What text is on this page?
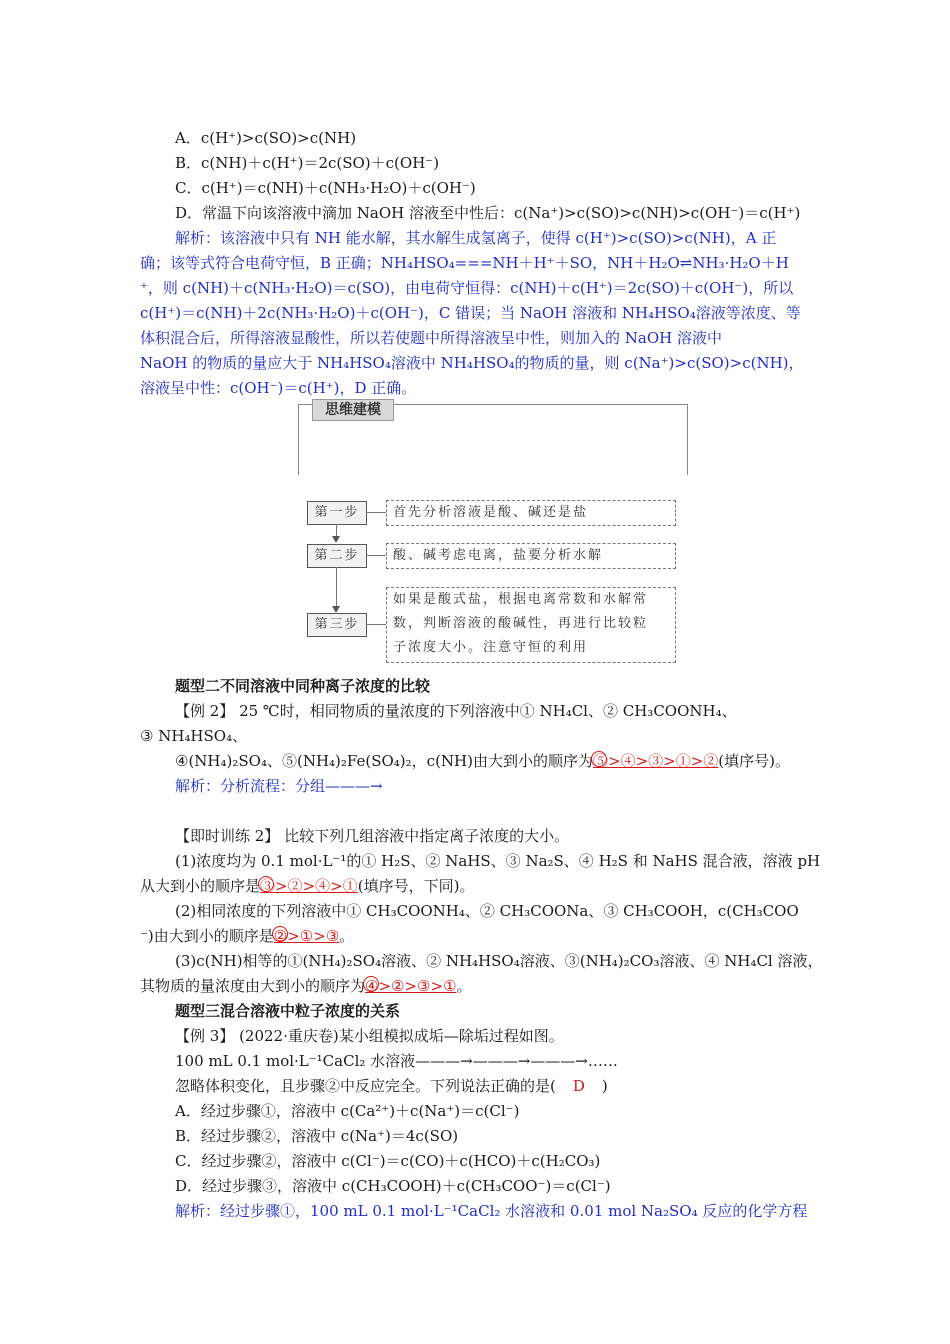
A．c(H⁺)>c(SO)>c(NH)
B．c(NH)＋c(H⁺)＝2c(SO)＋c(OH⁻)
C．c(H⁺)＝c(NH)＋c(NH₃·H₂O)＋c(OH⁻)
D．常温下向该溶液中滴加 NaOH 溶液至中性后：c(Na⁺)>c(SO)>c(NH)>c(OH⁻)＝c(H⁺)
解析：该溶液中只有 NH 能水解，其水解生成氢离子，使得 c(H⁺)>c(SO)>c(NH)，A 正
确；该等式符合电荷守恒，B 正确；NH₄HSO₄===NH＋H⁺＋SO，NH＋H₂O⇌NH₃·H₂O＋H
⁺，则 c(NH)＋c(NH₃·H₂O)＝c(SO)，由电荷守恒得：c(NH)＋c(H⁺)＝2c(SO)＋c(OH⁻)，所以
c(H⁺)＝c(NH)＋2c(NH₃·H₂O)＋c(OH⁻)，C 错误；当 NaOH 溶液和 NH₄HSO₄溶液等浓度、等
体积混合后，所得溶液显酸性，所以若使题中所得溶液呈中性，则加入的 NaOH 溶液中
NaOH 的物质的量应大于 NH₄HSO₄溶液中 NH₄HSO₄的物质的量，则 c(Na⁺)>c(SO)>c(NH)，
溶液呈中性：c(OH⁻)＝c(H⁺)，D 正确。
思维建模
第一步	首先分析溶液是酸、碱还是盐
第二步	酸、碱考虑电离，盐要分析水解
第三步
如果是酸式盐，根据电离常数和水解常
数，判断溶液的酸碱性，再进行比较粒
子浓度大小。注意守恒的利用
题型二不同溶液中同种离子浓度的比较
【例 2】 25 ℃时，相同物质的量浓度的下列溶液中① NH₄Cl、② CH₃COONH₄、
③ NH₄HSO₄、
④(NH₄)₂SO₄、⑤(NH₄)₂Fe(SO₄)₂，c(NH)由大到小的顺序为
⑤>④>③>①>②(填序号)。
解析：分析流程：分组———→
【即时训练 2】 比较下列几组溶液中指定离子浓度的大小。
(1)浓度均为 0.1 mol·L⁻¹的① H₂S、② NaHS、③ Na₂S、④ H₂S 和 NaHS 混合液，溶液 pH
从大到小的顺序是
③>②>④>①(填序号，下同)。
(2)相同浓度的下列溶液中① CH₃COONH₄、② CH₃COONa、③ CH₃COOH，c(CH₃COO
⁻)由大到小的顺序是
②>①>③。
(3)c(NH)相等的①(NH₄)₂SO₄溶液、② NH₄HSO₄溶液、③(NH₄)₂CO₃溶液、④ NH₄Cl 溶液，
其物质的量浓度由大到小的顺序为
④>②>③>①。
题型三混合溶液中粒子浓度的关系
【例 3】 (2022·重庆卷)某小组模拟成垢—除垢过程如图。
100 mL 0.1 mol·L⁻¹CaCl₂ 水溶液———→———→———→……
忽略体积变化，且步骤②中反应完全。下列说法正确的是( D )
A．经过步骤①，溶液中 c(Ca²⁺)＋c(Na⁺)＝c(Cl⁻)
B．经过步骤②，溶液中 c(Na⁺)＝4c(SO)
C．经过步骤②，溶液中 c(Cl⁻)＝c(CO)＋c(HCO)＋c(H₂CO₃)
D．经过步骤③，溶液中 c(CH₃COOH)＋c(CH₃COO⁻)＝c(Cl⁻)
解析：经过步骤①，100 mL 0.1 mol·L⁻¹CaCl₂ 水溶液和 0.01 mol Na₂SO₄ 反应的化学方程
